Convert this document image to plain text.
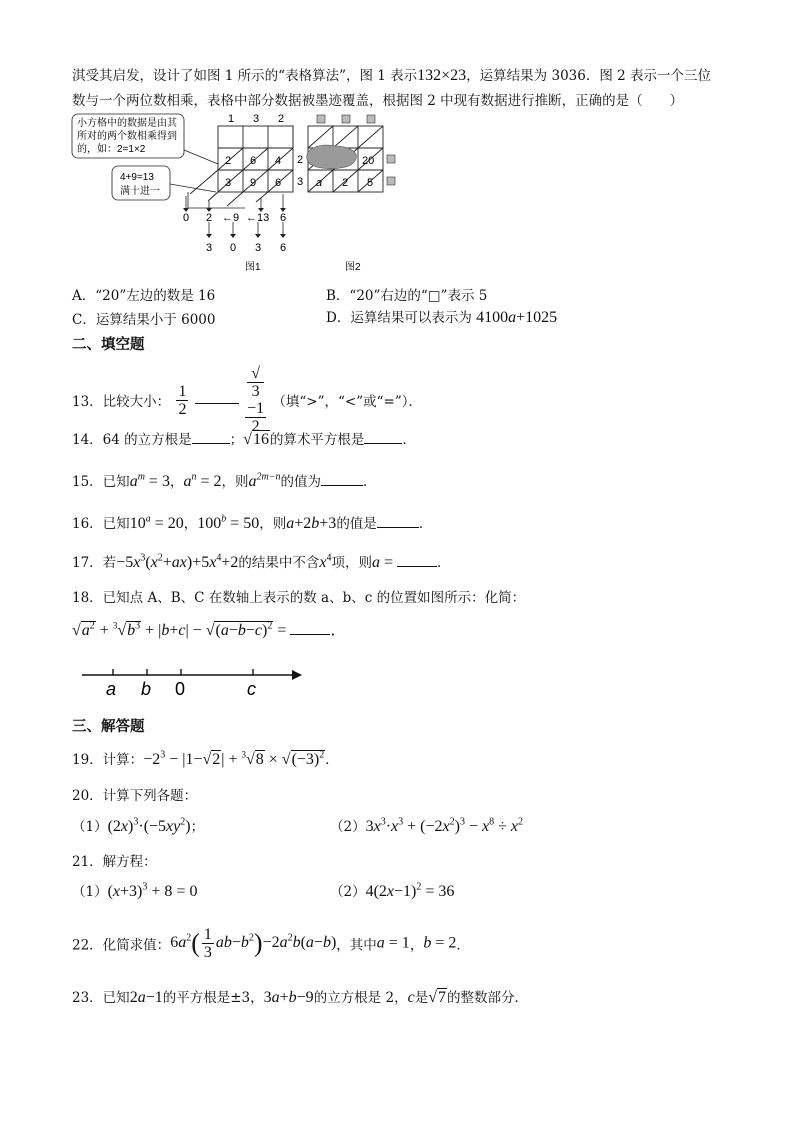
淇受其启发，设计了如图 1 所示的“表格算法”，图 1 表示132×23，运算结果为 3036．图 2 表示一个三位
数与一个两位数相乘，表格中部分数据被墨迹覆盖，根据图 2 中现有数据进行推断，正确的是（　　）
小方格中的数据是由其
所对的两个数相乘得到
的，如：2=1×2
4+9=13
满十进一
1 3 2
2
3
2 6 4
3 9 6
0 2 ←9 ←13 6
3 0 3 6
图1
20
a 2 5
图2
A．“20”左边的数是 16	B．“20”右边的“□”表示 5
C．运算结果小于 6000	D．运算结果可以表示为 4100a+1025
二、填空题
13．比较大小： $\frac{1}{2}$
	√
3
−1
2 （填“>”，“<”或“=”）．
14．64 的立方根是	；√16的算术平方根是	．
15．已知$a^m = 3$，$a^n = 2$，则$a^{2m-n}$的值为	．
16．已知$10^a = 20$，$100^b = 50$，则a+2b+3的值是	．
17．若$-5x^3(x^2+ax)+5x^4+2$的结果中不含$x^4$项，则a =	．
18．已知点 A、B、C 在数轴上表示的数 a、b、c 的位置如图所示：化简：
$√a^2 + ^3√b^3 + |b+c| - √(a-b-c)^2$ =	．
a b 0	c
三、解答题
19．计算：$-2^3 - |1-√2| + ^3√8 \times √(-3)^2$．
20．计算下列各题：
$(1)(2x)^3\cdot(-5xy^2)$；	$(2)3x^3\cdot x^3 + (-2x^2)^3 - x^8 \div x^2$
21．解方程：
$(1)(x+3)^3 + 8 = 0$	$(2)4(2x-1)^2 = 36$
22．化简求值：$6a^2( \frac{1}{3} ab-b^2)-2a^2b(a-b)$，其中a = 1，b = 2．
23．已知2a−1的平方根是±3，3a+b−9的立方根是 2，c是√7的整数部分．
